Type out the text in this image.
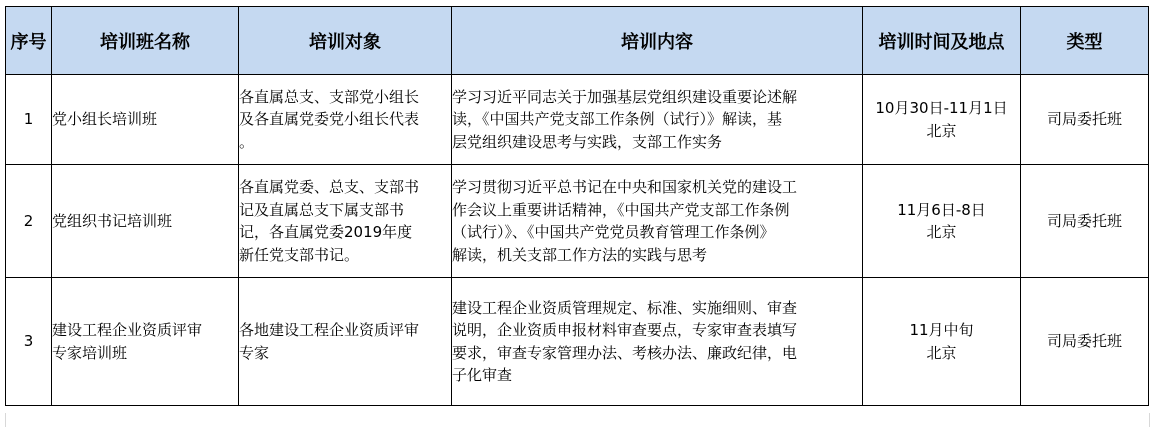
序号	培训班名称	培训对象	培训内容	培训时间及地点	类型
1	党小组长培训班	各直属总支、支部党小组长
及各直属党委党小组长代表
。	学习习近平同志关于加强基层党组织建设重要论述解
读，《中国共产党支部工作条例（试行）》解读，基
层党组织建设思考与实践，支部工作实务	10月30日-11月1日
北京	司局委托班
2	党组织书记培训班	各直属党委、总支、支部书
记及直属总支下属支部书
记，各直属党委2019年度
新任党支部书记。	学习贯彻习近平总书记在中央和国家机关党的建设工
作会议上重要讲话精神，《中国共产党支部工作条例
（试行）》、《中国共产党党员教育管理工作条例》
解读，机关支部工作方法的实践与思考	11月6日-8日
北京	司局委托班
3	建设工程企业资质评审
专家培训班	各地建设工程企业资质评审
专家	建设工程企业资质管理规定、标准、实施细则、审查
说明，企业资质申报材料审查要点，专家审查表填写
要求，审查专家管理办法、考核办法、廉政纪律，电
子化审查	11月中旬
北京	司局委托班
